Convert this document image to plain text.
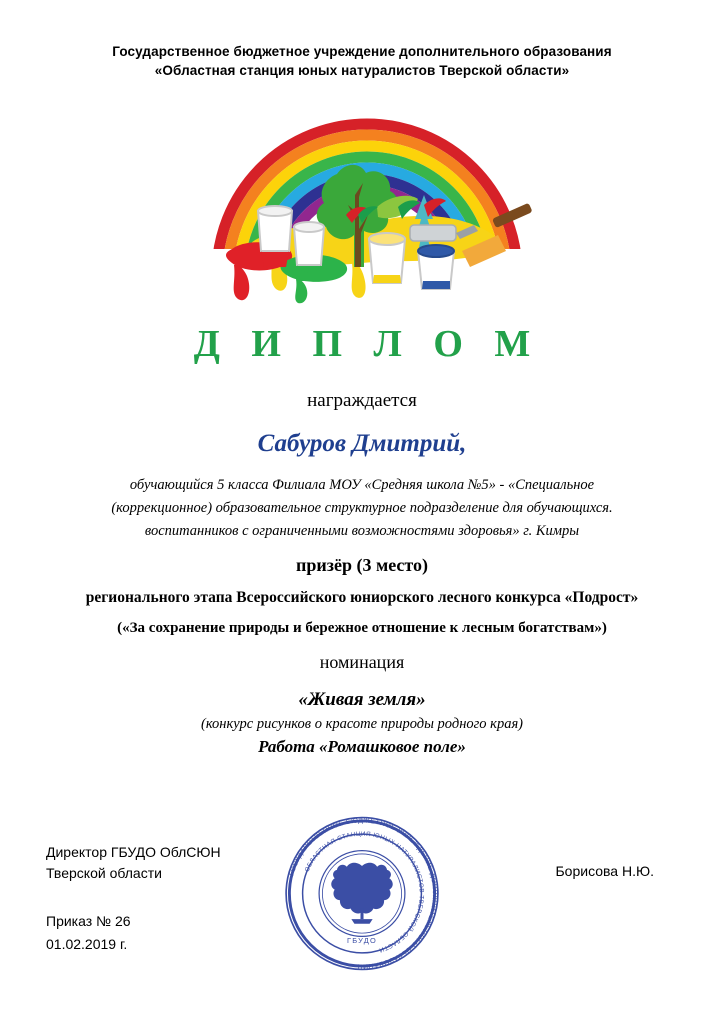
Государственное бюджетное учреждение дополнительного образования
«Областная станция юных натуралистов Тверской области»
Д И П Л О М
награждается
Сабуров Дмитрий,
обучающийся 5 класса Филиала МОУ «Средняя школа №5» - «Специальное
(коррекционное) образовательное структурное подразделение для обучающихся.
воспитанников с ограниченными возможностями здоровья» г. Кимры
призёр (3 место)
регионального этапа Всероссийского юниорского лесного конкурса «Подрост»
(«За сохранение природы и бережное отношение к лесным богатствам»)
номинация
«Живая земля»
(конкурс рисунков о красоте природы родного края)
Работа «Ромашковое поле»
Директор ГБУДО ОблСЮН
Тверской области	Борисова Н.Ю.
Приказ № 26
01.02.2019 г.
ГОСУДАРСТВЕННОЕ БЮДЖЕТНОЕ УЧРЕЖДЕНИЕ ДОПОЛНИТЕЛЬНОГО ОБРАЗОВАНИЯ
ОБЛАСТНАЯ СТАНЦИЯ ЮНЫХ НАТУРАЛИСТОВ ТВЕРСКОЙ ОБЛАСТИ
ГБУДО
